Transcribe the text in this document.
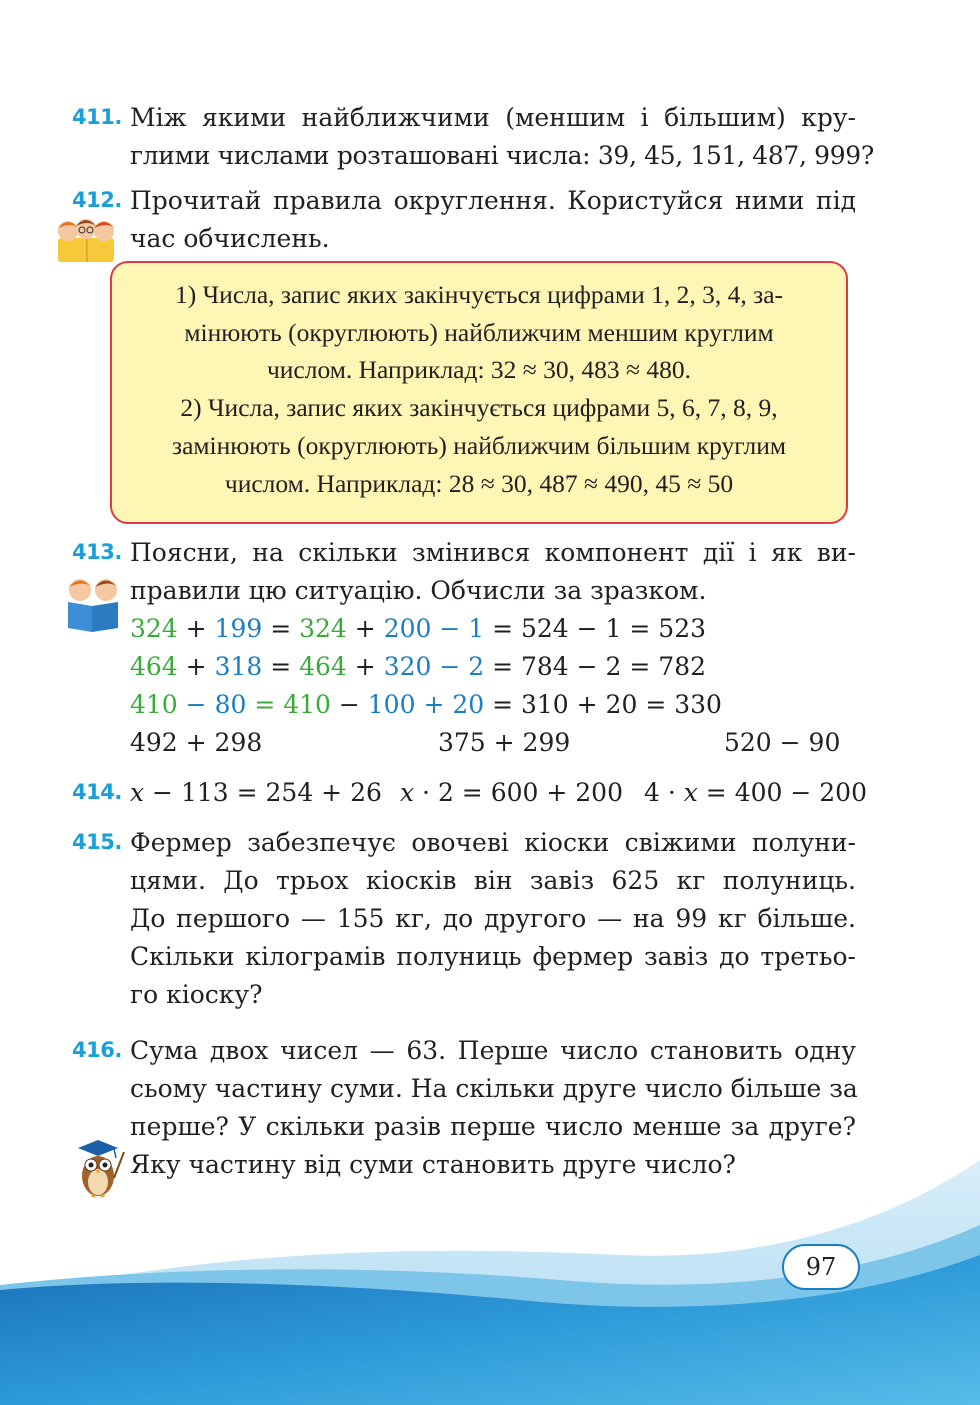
411. Між якими найближчими (меншим і більшим) кру-
глими числами розташовані числа: 39, 45, 151, 487, 999?
412. Прочитай правила округлення. Користуйся ними під
час обчислень.
1) Числа, запис яких закінчується цифрами 1, 2, 3, 4, за-
мінюють (округлюють) найближчим меншим круглим
числом. Наприклад: 32 ≈ 30, 483 ≈ 480.
2) Числа, запис яких закінчується цифрами 5, 6, 7, 8, 9,
замінюють (округлюють) найближчим більшим круглим
числом. Наприклад: 28 ≈ 30, 487 ≈ 490, 45 ≈ 50
413. Поясни, на скільки змінився компонент дії і як ви-
правили цю ситуацію. Обчисли за зразком.
324 + 199 = 324 + 200 − 1 = 524 − 1 = 523
464 + 318 = 464 + 320 − 2 = 784 − 2 = 782
410 − 80 = 410 − 100 + 20 = 310 + 20 = 330
492 + 298	375 + 299	520 − 90
414. x − 113 = 254 + 26 x · 2 = 600 + 200 4 · x = 400 − 200
415. Фермер забезпечує овочеві кіоски свіжими полуни-
цями. До трьох кіосків він завіз 625 кг полуниць.
До першого — 155 кг, до другого — на 99 кг більше.
Скільки кілограмів полуниць фермер завіз до третьо-
го кіоску?
416. Сума двох чисел — 63. Перше число становить одну
сьому частину суми. На скільки друге число більше за
перше? У скільки разів перше число менше за друге?
Яку частину від суми становить друге число?
97
